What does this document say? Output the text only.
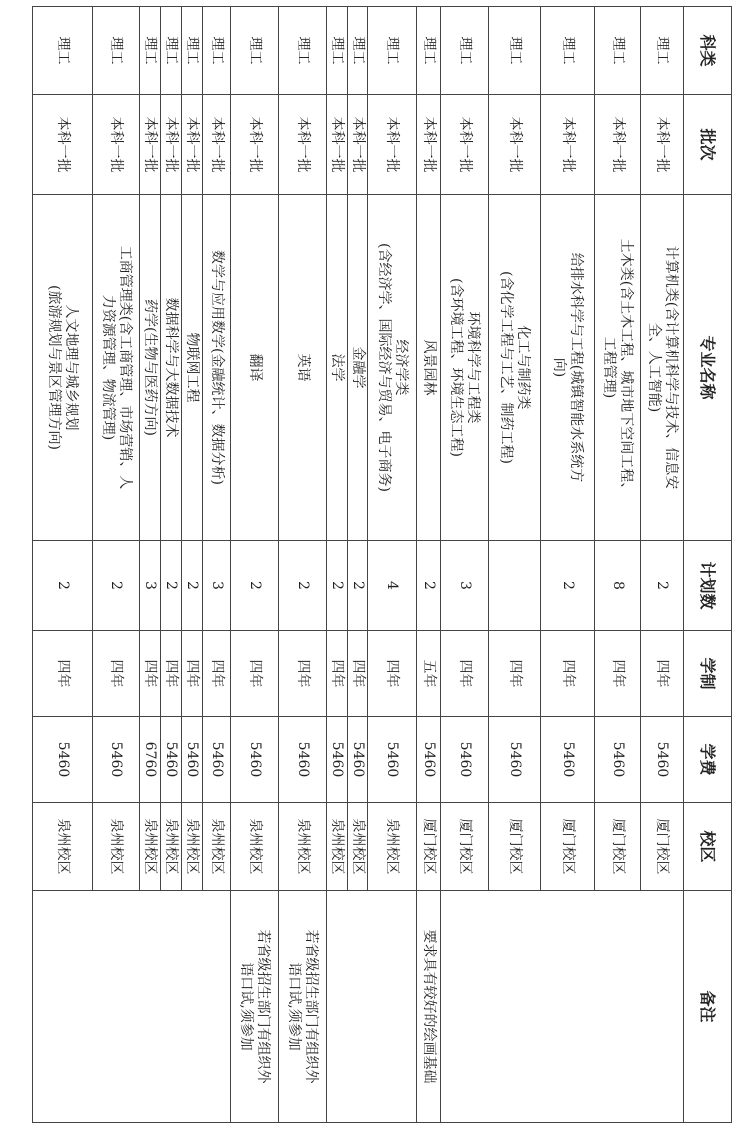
科类	批次	专业名称	计划数	学制	学费	校区	备注
理工	本科一批	计算机类(含计算机科学与技术、信息安
全、人工智能)	2	四年	5460	厦门校区	
理工	本科一批	土木类(含土木工程、城市地下空间工程、
工程管理)	8	四年	5460	厦门校区	
理工	本科一批	给排水科学与工程(城镇智能水系统方
向)	2	四年	5460	厦门校区	
理工	本科一批	化工与制药类
(含化学工程与工艺、制药工程)		四年	5460	厦门校区	
理工	本科一批	环境科学与工程类
(含环境工程、环境生态工程)	3	四年	5460	厦门校区	
理工	本科一批	风景园林	2	五年	5460	厦门校区	要求具有较好的绘画基础
理工	本科一批	经济学类
(含经济学、国际经济与贸易、电子商务)	4	四年	5460	泉州校区	
理工	本科一批	金融学	2	四年	5460	泉州校区	
理工	本科一批	法学	2	四年	5460	泉州校区	
理工	本科一批	英语	2	四年	5460	泉州校区	若省级招生部门有组织外
语口试,须参加

理工	本科一批	翻译	2	四年	5460	泉州校区	若省级招生部门有组织外
语口试,须参加

理工	本科一批	数学与应用数学(金融统计、数据分析)	3	四年	5460	泉州校区	
理工	本科一批	物联网工程	2	四年	5460	泉州校区	
理工	本科一批	数据科学与大数据技术	2	四年	5460	泉州校区	
理工	本科一批	药学(生物与医药方向)	3	四年	6760	泉州校区	
理工	本科一批	工商管理类(含工商管理、市场营销、人
力资源管理、物流管理)	2	四年	5460	泉州校区	
理工	本科一批	人文地理与城乡规划
(旅游规划与景区管理方向)	2	四年	5460	泉州校区	
